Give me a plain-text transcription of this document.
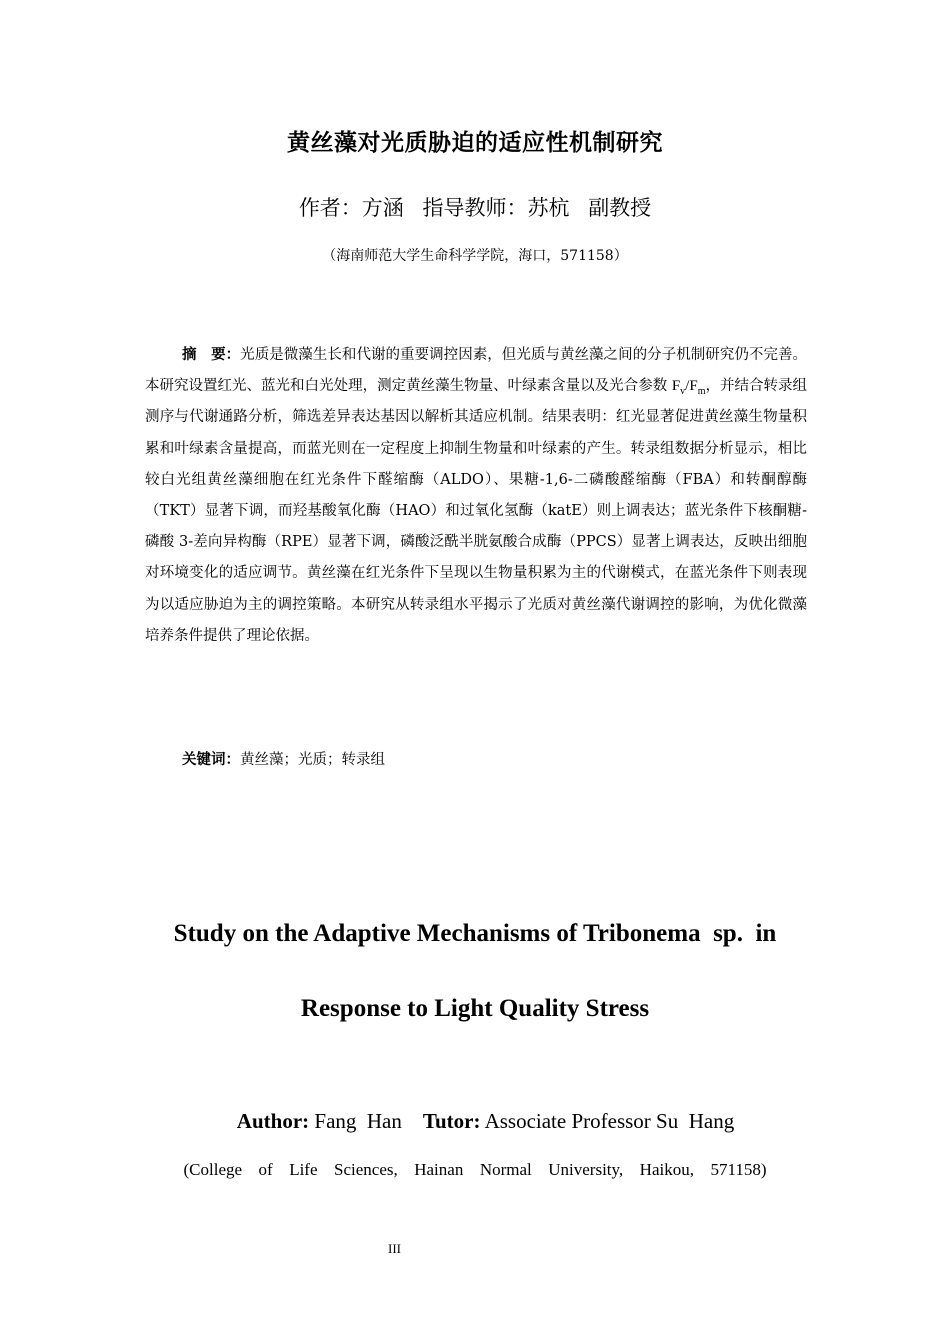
黄丝藻对光质胁迫的适应性机制研究
作者：方涵 指导教师：苏杭 副教授
（海南师范大学生命科学学院，海口，571158）

摘　要：光质是微藻生长和代谢的重要调控因素，但光质与黄丝藻之间的分子机制研究仍不完善。本研究设置红光、蓝光和白光处理，测定黄丝藻生物量、叶绿素含量以及光合参数 $F_v/F_m$，并结合转录组测序与代谢通路分析，筛选差异表达基因以解析其适应机制。结果表明：红光显著促进黄丝藻生物量积累和叶绿素含量提高，而蓝光则在一定程度上抑制生物量和叶绿素的产生。转录组数据分析显示，相比较白光组黄丝藻细胞在红光条件下醛缩酶（ALDO）、果糖-1,6-二磷酸醛缩酶（FBA）和转酮醇酶（TKT）显著下调，而羟基酸氧化酶（HAO）和过氧化氢酶（katE）则上调表达；蓝光条件下核酮糖-磷酸 3-差向异构酶（RPE）显著下调，磷酸泛酰半胱氨酸合成酶（PPCS）显著上调表达，反映出细胞对环境变化的适应调节。黄丝藻在红光条件下呈现以生物量积累为主的代谢模式，在蓝光条件下则表现为以适应胁迫为主的调控策略。本研究从转录组水平揭示了光质对黄丝藻代谢调控的影响，为优化微藻培养条件提供了理论依据。

关键词：黄丝藻；光质；转录组
Study on the Adaptive Mechanisms of Tribonema  sp.  in
Response to Light Quality Stress

Author: Fang  Han Tutor: Associate Professor Su  Hang

(College  of  Life  Sciences,  Hainan  Normal  University,  Haikou,  571158)
III
